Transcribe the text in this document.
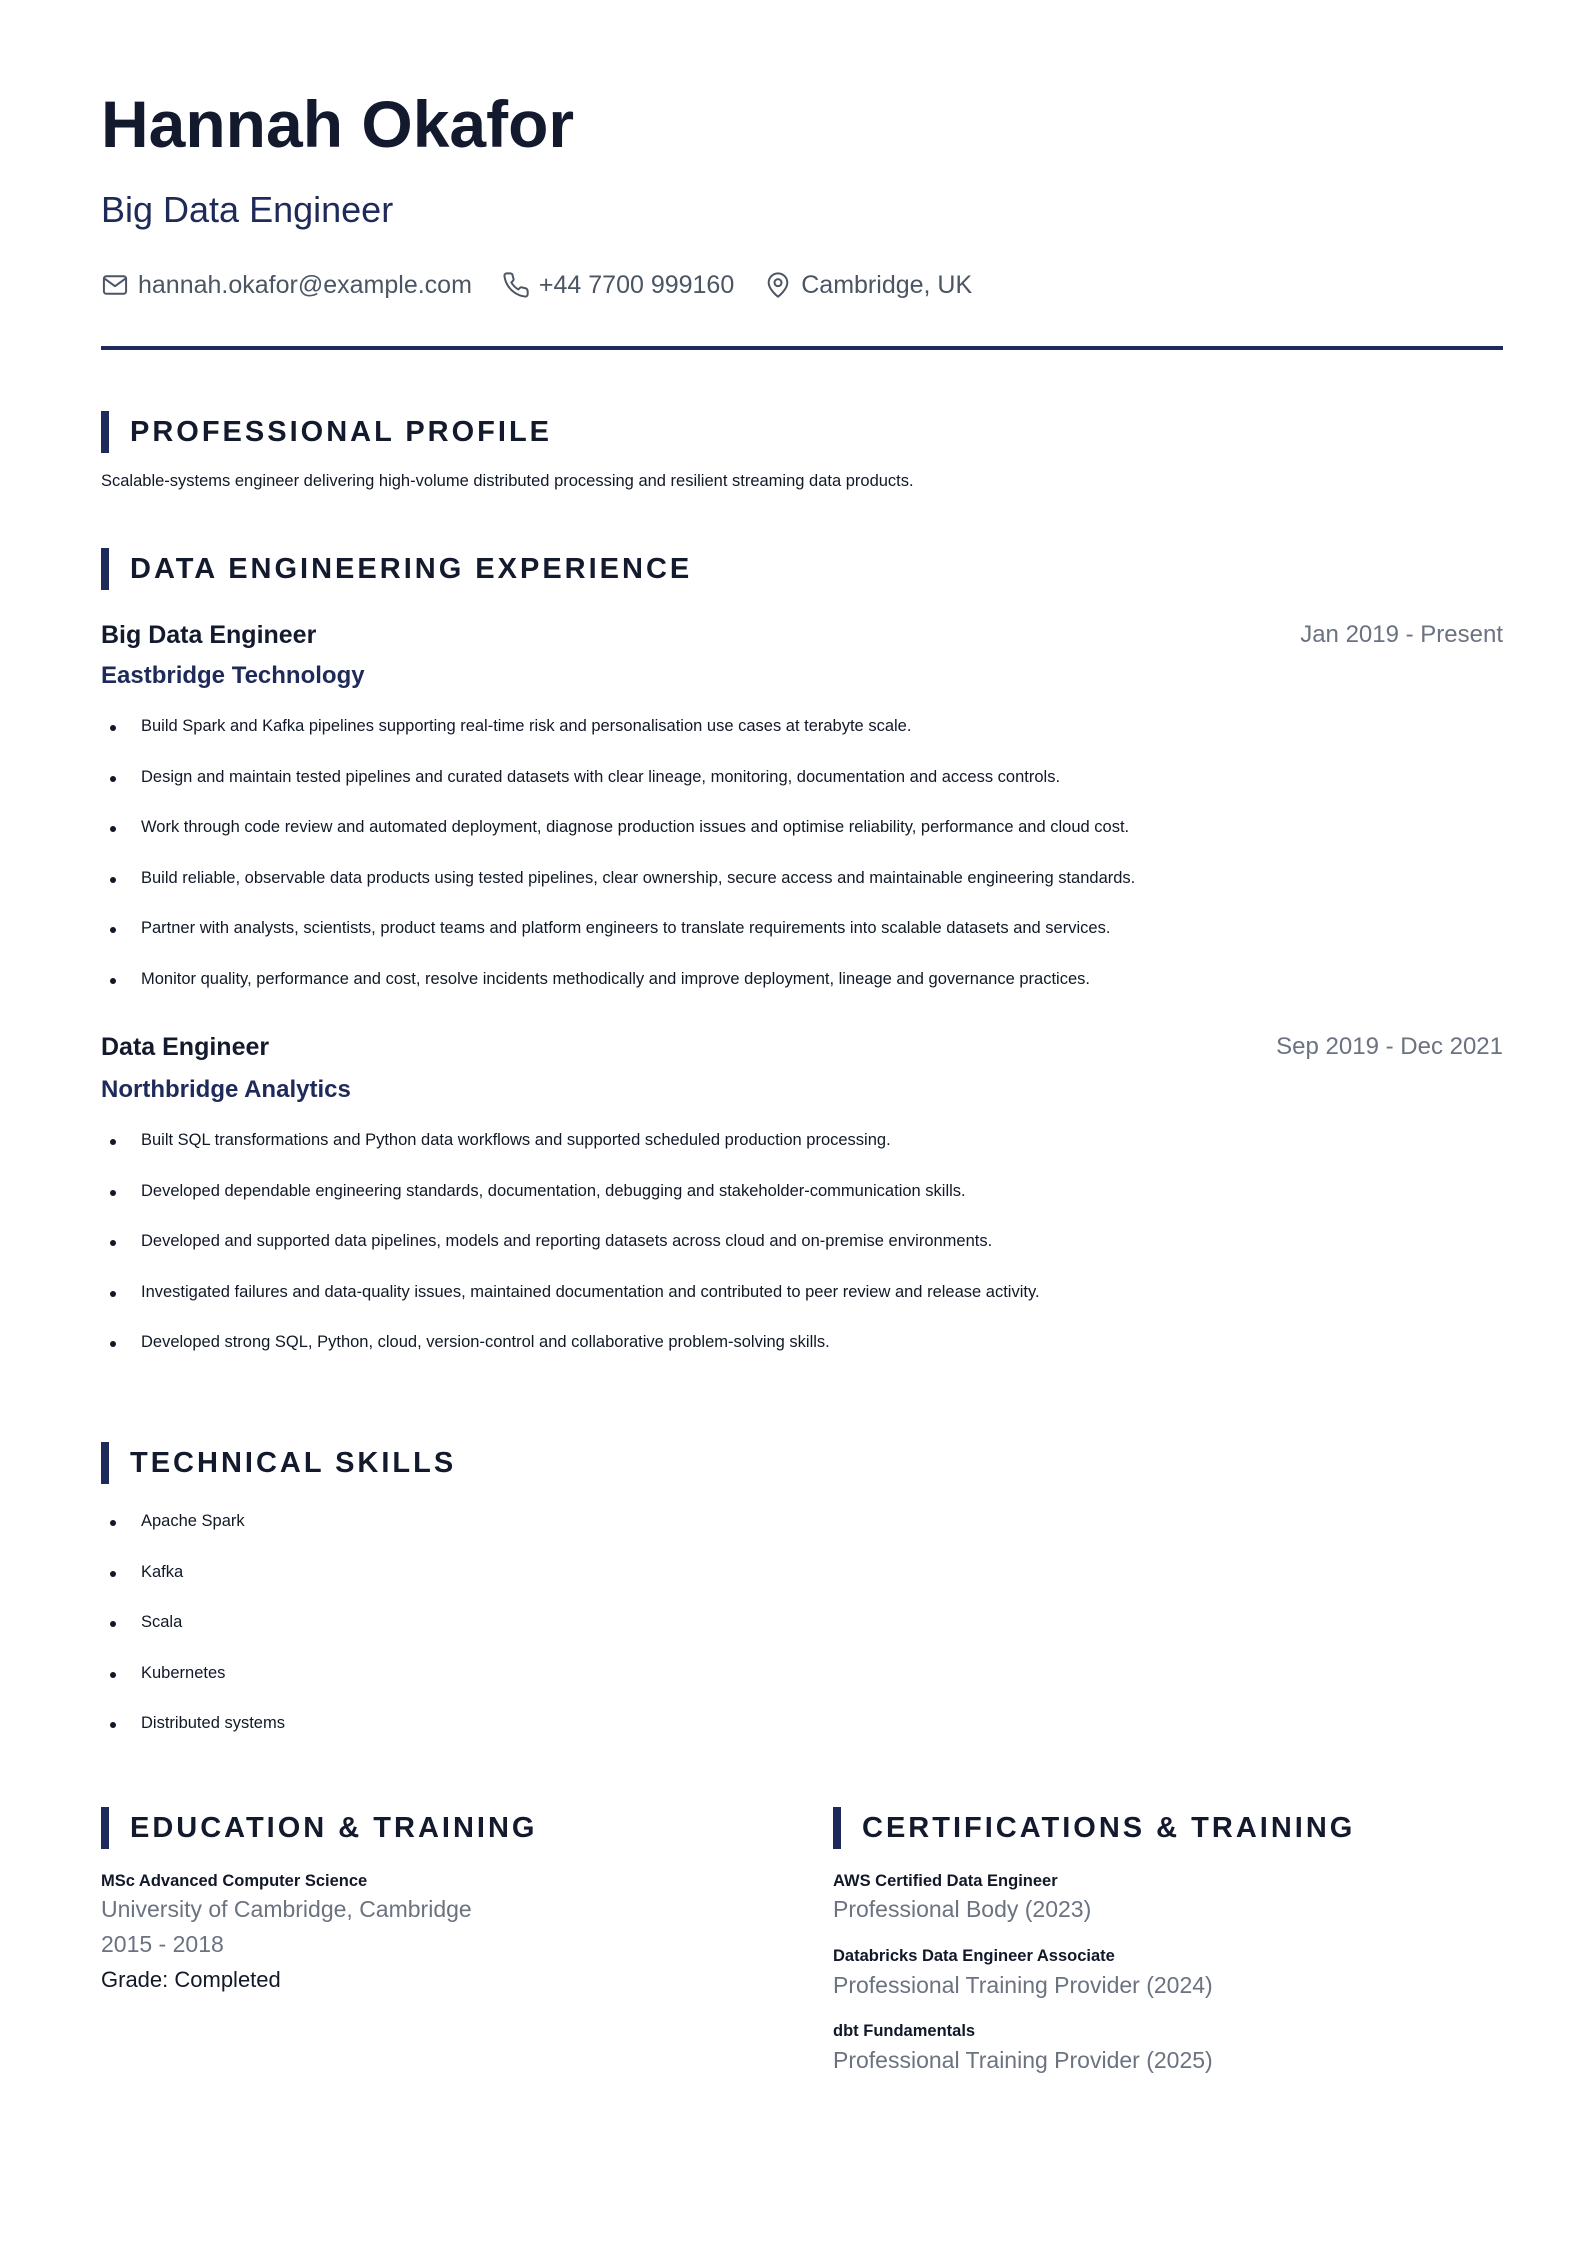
Hannah Okafor
Big Data Engineer
hannah.okafor@example.com	+44 7700 999160	Cambridge, UK
PROFESSIONAL PROFILE
Scalable-systems engineer delivering high-volume distributed processing and resilient streaming data products.
DATA ENGINEERING EXPERIENCE
Big Data Engineer	Jan 2019 - Present
Eastbridge Technology
Build Spark and Kafka pipelines supporting real-time risk and personalisation use cases at terabyte scale.
Design and maintain tested pipelines and curated datasets with clear lineage, monitoring, documentation and access controls.
Work through code review and automated deployment, diagnose production issues and optimise reliability, performance and cloud cost.
Build reliable, observable data products using tested pipelines, clear ownership, secure access and maintainable engineering standards.
Partner with analysts, scientists, product teams and platform engineers to translate requirements into scalable datasets and services.
Monitor quality, performance and cost, resolve incidents methodically and improve deployment, lineage and governance practices.
Data Engineer	Sep 2019 - Dec 2021
Northbridge Analytics
Built SQL transformations and Python data workflows and supported scheduled production processing.
Developed dependable engineering standards, documentation, debugging and stakeholder-communication skills.
Developed and supported data pipelines, models and reporting datasets across cloud and on-premise environments.
Investigated failures and data-quality issues, maintained documentation and contributed to peer review and release activity.
Developed strong SQL, Python, cloud, version-control and collaborative problem-solving skills.
TECHNICAL SKILLS
Apache Spark
Kafka
Scala
Kubernetes
Distributed systems
EDUCATION & TRAINING
MSc Advanced Computer Science
University of Cambridge, Cambridge
2015 - 2018
Grade: Completed
CERTIFICATIONS & TRAINING
AWS Certified Data Engineer
Professional Body (2023)
Databricks Data Engineer Associate
Professional Training Provider (2024)
dbt Fundamentals
Professional Training Provider (2025)
